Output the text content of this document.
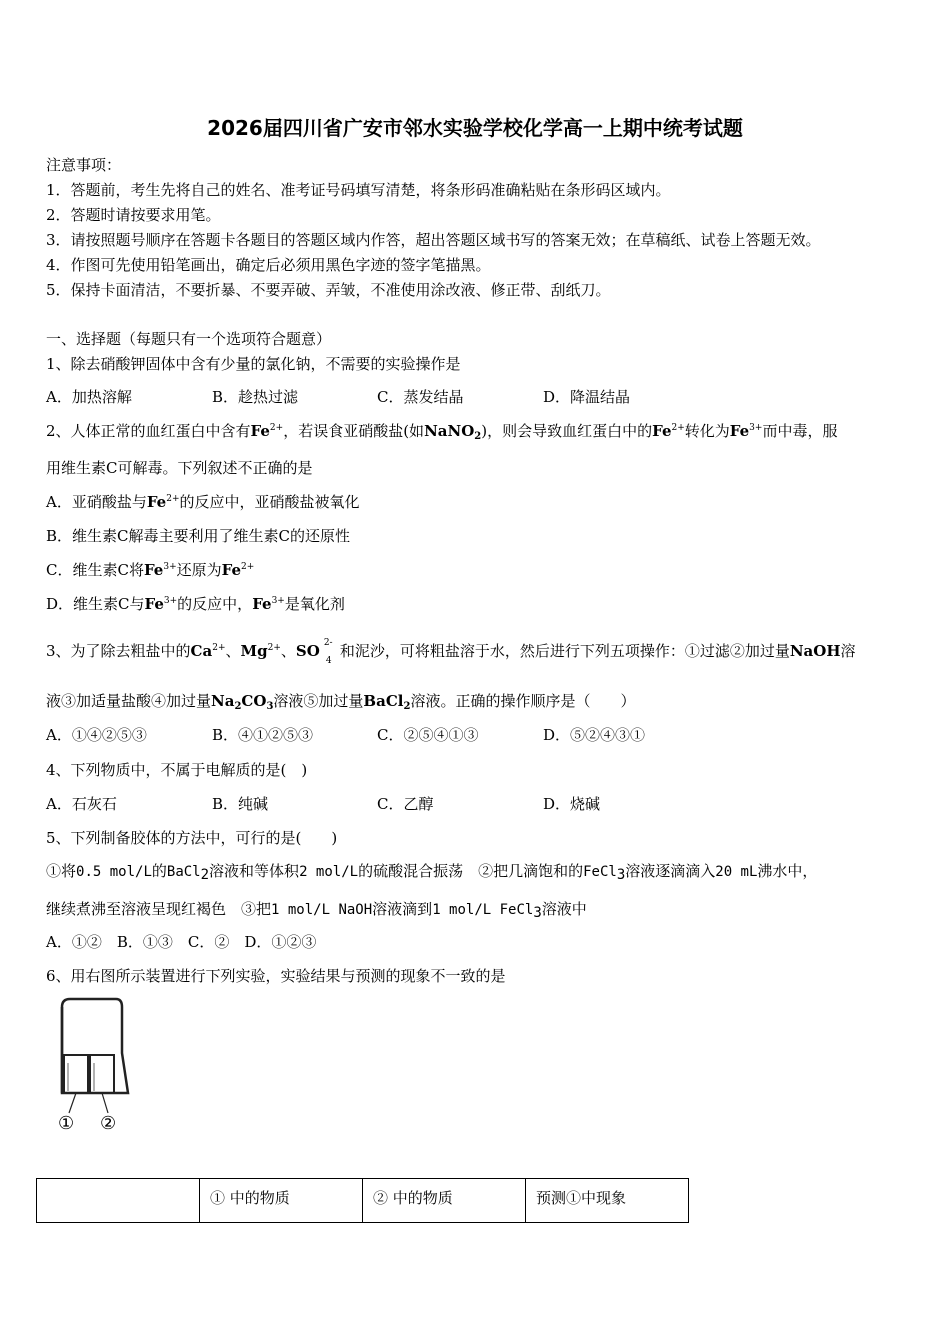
2026届四川省广安市邻水实验学校化学高一上期中统考试题
注意事项：
1．答题前，考生先将自己的姓名、准考证号码填写清楚，将条形码准确粘贴在条形码区域内。
2．答题时请按要求用笔。
3．请按照题号顺序在答题卡各题目的答题区域内作答，超出答题区域书写的答案无效；在草稿纸、试卷上答题无效。
4．作图可先使用铅笔画出，确定后必须用黑色字迹的签字笔描黑。
5．保持卡面清洁，不要折暴、不要弄破、弄皱，不准使用涂改液、修正带、刮纸刀。
一、选择题（每题只有一个选项符合题意）
1、除去硝酸钾固体中含有少量的氯化钠，不需要的实验操作是
A．加热溶解	B．趁热过滤	C．蒸发结晶	D．降温结晶
2、人体正常的血红蛋白中含有$Fe^{2+}$，若误食亚硝酸盐(如NaNO$_2$)，则会导致血红蛋白中的$Fe^{2+}$转化为$Fe^{3+}$而中毒，服
用维生素C可解毒。下列叙述不正确的是
A．亚硝酸盐与$Fe^{2+}$的反应中，亚硝酸盐被氧化
B．维生素C解毒主要利用了维生素C的还原性
C．维生素C将$Fe^{3+}$还原为$Fe^{2+}$
D．维生素C与$Fe^{3+}$的反应中，$Fe^{3+}$是氧化剂
3、为了除去粗盐中的$Ca^{2+}$、$Mg^{2+}$、SO 2-
4
和泥沙，可将粗盐溶于水，然后进行下列五项操作：①过滤②加过量NaOH溶
液③加适量盐酸④加过量$Na_2CO_3$溶液⑤加过量BaCl$_2$溶液。正确的操作顺序是（　　）
A．①④②⑤③	B．④①②⑤③	C．②⑤④①③	D．⑤②④③①
4、下列物质中，不属于电解质的是(　)
A．石灰石	B．纯碱	C．乙醇	D．烧碱
5、下列制备胶体的方法中，可行的是(　　)
①将0.5 mol/L的BaCl$_2$溶液和等体积2 mol/L的硫酸混合振荡　②把几滴饱和的FeCl$_3$溶液逐滴滴入20 mL沸水中，
继续煮沸至溶液呈现红褐色　③把1 mol/L NaOH溶液滴到1 mol/L FeCl$_3$溶液中
A．①②　B．①③　C．②　D．①②③
6、用右图所示装置进行下列实验，实验结果与预测的现象不一致的是
① ②
	① 中的物质	② 中的物质	预测①中现象
